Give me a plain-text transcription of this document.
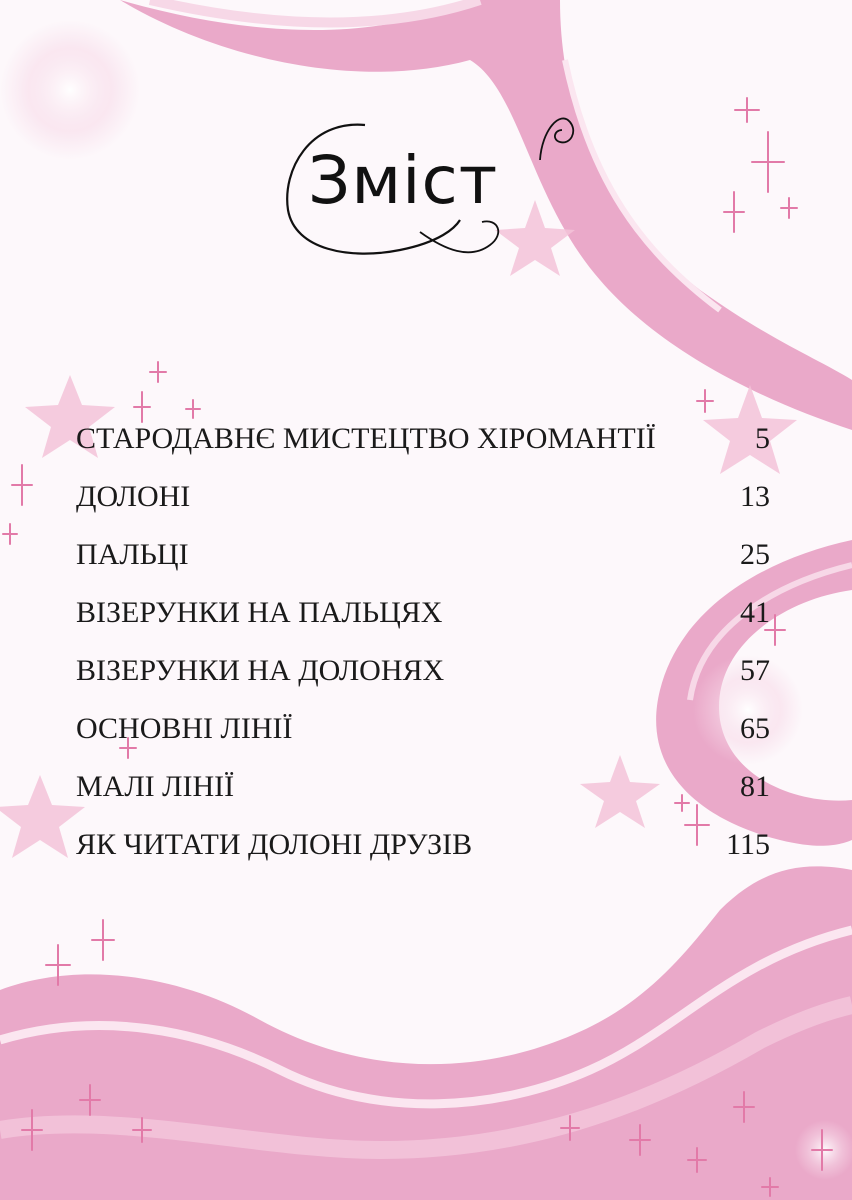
Зміст
СТАРОДАВНЄ МИСТЕЦТВО ХІРОМАНТІЇ	5
ДОЛОНІ	13
ПАЛЬЦІ	25
ВІЗЕРУНКИ НА ПАЛЬЦЯХ	41
ВІЗЕРУНКИ НА ДОЛОНЯХ	57
ОСНОВНІ ЛІНІЇ	65
МАЛІ ЛІНІЇ	81
ЯК ЧИТАТИ ДОЛОНІ ДРУЗІВ	115
